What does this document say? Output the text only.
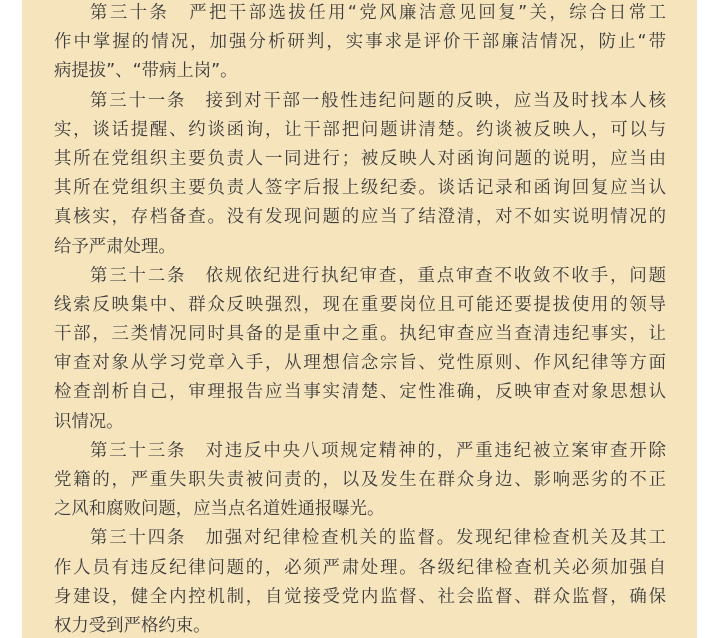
第三十条　严把干部选拔任用“党风廉洁意见回复”关，综合日常工
作中掌握的情况，加强分析研判，实事求是评价干部廉洁情况，防止“带
病提拔”、“带病上岗”。
第三十一条　接到对干部一般性违纪问题的反映，应当及时找本人核
实，谈话提醒、约谈函询，让干部把问题讲清楚。约谈被反映人，可以与
其所在党组织主要负责人一同进行；被反映人对函询问题的说明，应当由
其所在党组织主要负责人签字后报上级纪委。谈话记录和函询回复应当认
真核实，存档备查。没有发现问题的应当了结澄清，对不如实说明情况的
给予严肃处理。
第三十二条　依规依纪进行执纪审查，重点审查不收敛不收手，问题
线索反映集中、群众反映强烈，现在重要岗位且可能还要提拔使用的领导
干部，三类情况同时具备的是重中之重。执纪审查应当查清违纪事实，让
审查对象从学习党章入手，从理想信念宗旨、党性原则、作风纪律等方面
检查剖析自己，审理报告应当事实清楚、定性准确，反映审查对象思想认
识情况。
第三十三条　对违反中央八项规定精神的，严重违纪被立案审查开除
党籍的，严重失职失责被问责的，以及发生在群众身边、影响恶劣的不正
之风和腐败问题，应当点名道姓通报曝光。
第三十四条　加强对纪律检查机关的监督。发现纪律检查机关及其工
作人员有违反纪律问题的，必须严肃处理。各级纪律检查机关必须加强自
身建设，健全内控机制，自觉接受党内监督、社会监督、群众监督，确保
权力受到严格约束。
